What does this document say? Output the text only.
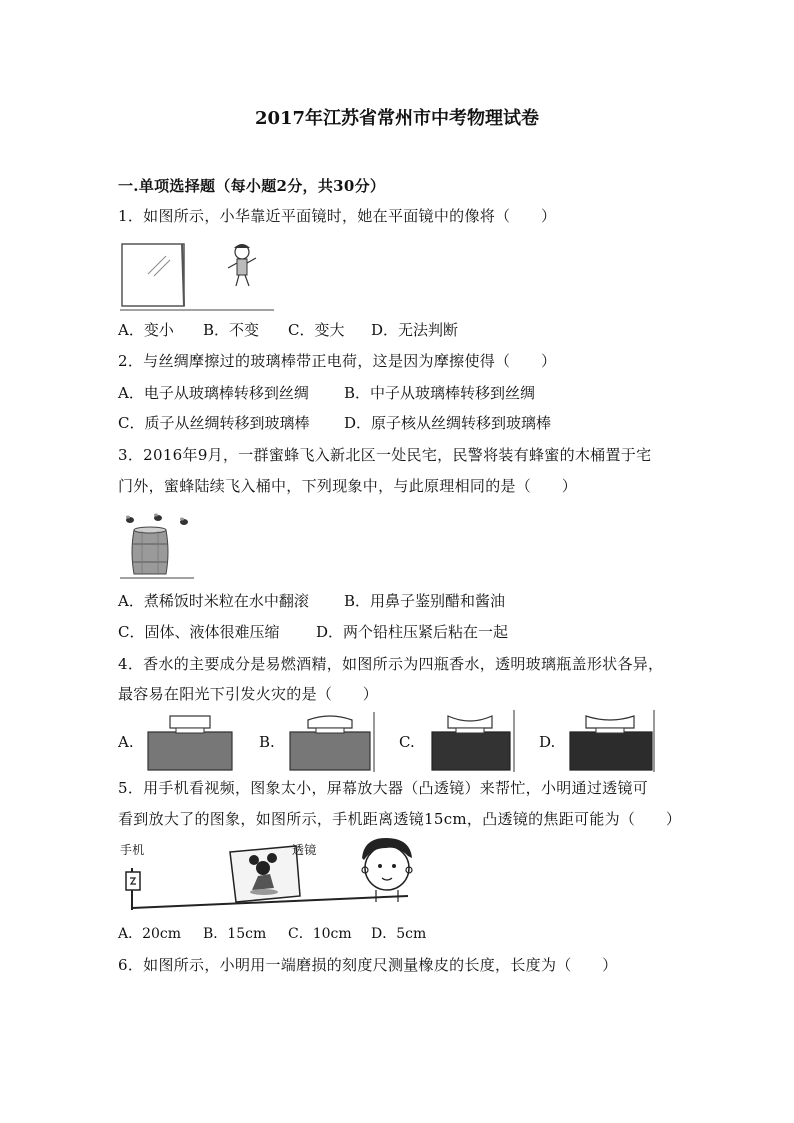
2017年江苏省常州市中考物理试卷
一.单项选择题（每小题2分，共30分）
1．如图所示，小华靠近平面镜时，她在平面镜中的像将（　　）
A．变小 B．不变 C．变大 D．无法判断
2．与丝绸摩擦过的玻璃棒带正电荷，这是因为摩擦使得（　　）
A．电子从玻璃棒转移到丝绸 B．中子从玻璃棒转移到丝绸
C．质子从丝绸转移到玻璃棒 D．原子核从丝绸转移到玻璃棒
3．2016年9月，一群蜜蜂飞入新北区一处民宅，民警将装有蜂蜜的木桶置于宅
门外，蜜蜂陆续飞入桶中，下列现象中，与此原理相同的是（　　）
A．煮稀饭时米粒在水中翻滚 B．用鼻子鉴别醋和酱油
C．固体、液体很难压缩 D．两个铅柱压紧后粘在一起
4．香水的主要成分是易燃酒精，如图所示为四瓶香水，透明玻璃瓶盖形状各异，
最容易在阳光下引发火灾的是（　　）
A.	B.	C.	D.
5．用手机看视频，图象太小，屏幕放大器（凸透镜）来帮忙，小明通过透镜可
看到放大了的图象，如图所示，手机距离透镜15cm，凸透镜的焦距可能为（　　）
手机	透镜
A．20cm B．15cm C．10cm D．5cm
6．如图所示，小明用一端磨损的刻度尺测量橡皮的长度，长度为（　　）
